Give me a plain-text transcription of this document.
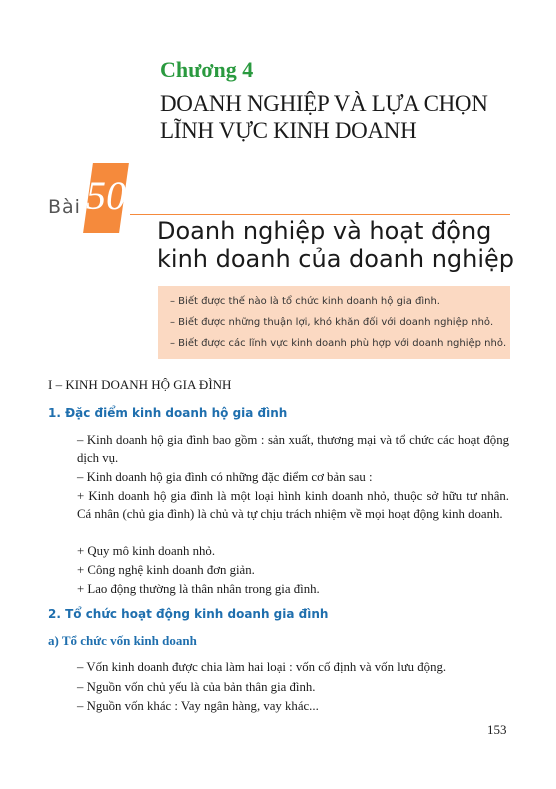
Chương 4
DOANH NGHIỆP VÀ LỰA CHỌN
LĨNH VỰC KINH DOANH
Bài 50
Doanh nghiệp và hoạt động
kinh doanh của doanh nghiệp
– Biết được thế nào là tổ chức kinh doanh hộ gia đình.
– Biết được những thuận lợi, khó khăn đối với doanh nghiệp nhỏ.
– Biết được các lĩnh vực kinh doanh phù hợp với doanh nghiệp nhỏ.
I – KINH DOANH HỘ GIA ĐÌNH
1. Đặc điểm kinh doanh hộ gia đình
– Kinh doanh hộ gia đình bao gồm : sản xuất, thương mại và tổ chức các hoạt động dịch vụ.
– Kinh doanh hộ gia đình có những đặc điểm cơ bản sau :
+ Kinh doanh hộ gia đình là một loại hình kinh doanh nhỏ, thuộc sở hữu tư nhân. Cá nhân (chủ gia đình) là chủ và tự chịu trách nhiệm về mọi hoạt động kinh doanh.
+ Quy mô kinh doanh nhỏ.
+ Công nghệ kinh doanh đơn giản.
+ Lao động thường là thân nhân trong gia đình.
2. Tổ chức hoạt động kinh doanh gia đình
a) Tổ chức vốn kinh doanh
– Vốn kinh doanh được chia làm hai loại : vốn cố định và vốn lưu động.
– Nguồn vốn chủ yếu là của bản thân gia đình.
– Nguồn vốn khác : Vay ngân hàng, vay khác...
153
